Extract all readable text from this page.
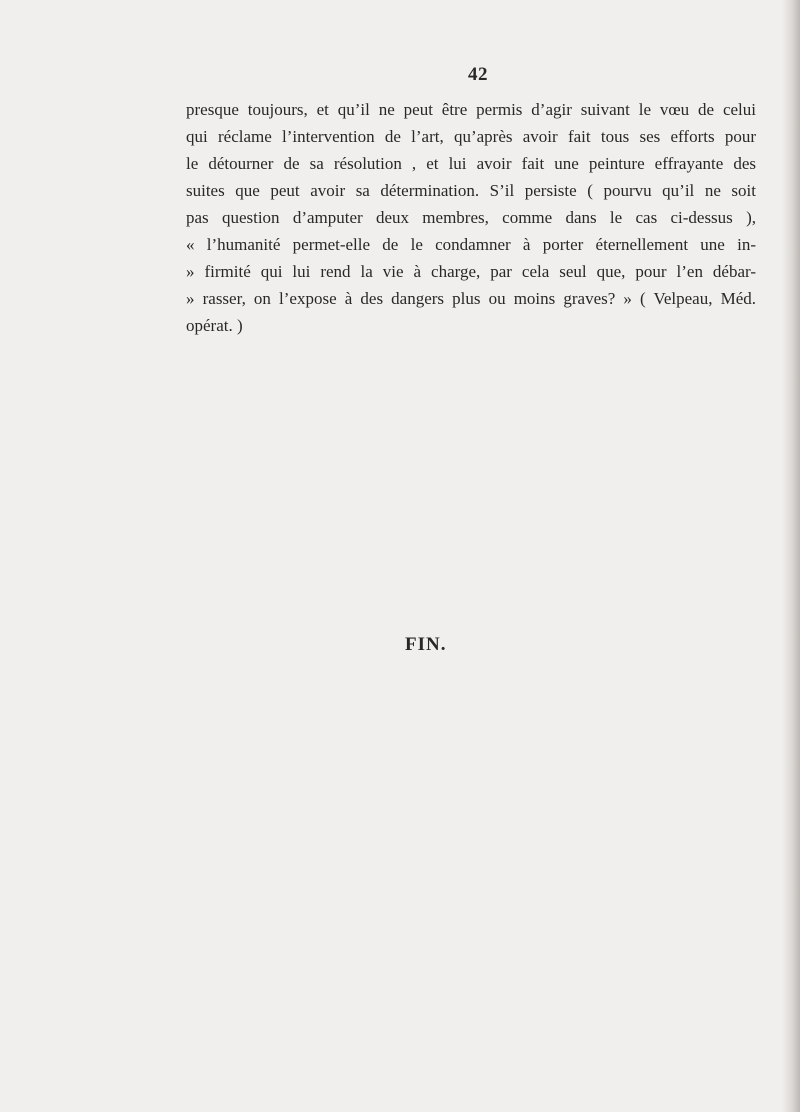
42
presque toujours, et qu’il ne peut être permis d’agir suivant le vœu de celui
qui réclame l’intervention de l’art, qu’après avoir fait tous ses efforts pour
le détourner de sa résolution , et lui avoir fait une peinture effrayante des
suites que peut avoir sa détermination. S’il persiste ( pourvu qu’il ne soit
pas question d’amputer deux membres, comme dans le cas ci-dessus ),
« l’humanité permet-elle de le condamner à porter éternellement une in-
» firmité qui lui rend la vie à charge, par cela seul que, pour l’en débar-
» rasser, on l’expose à des dangers plus ou moins graves? » ( Velpeau, Méd.
opérat. )
FIN.
